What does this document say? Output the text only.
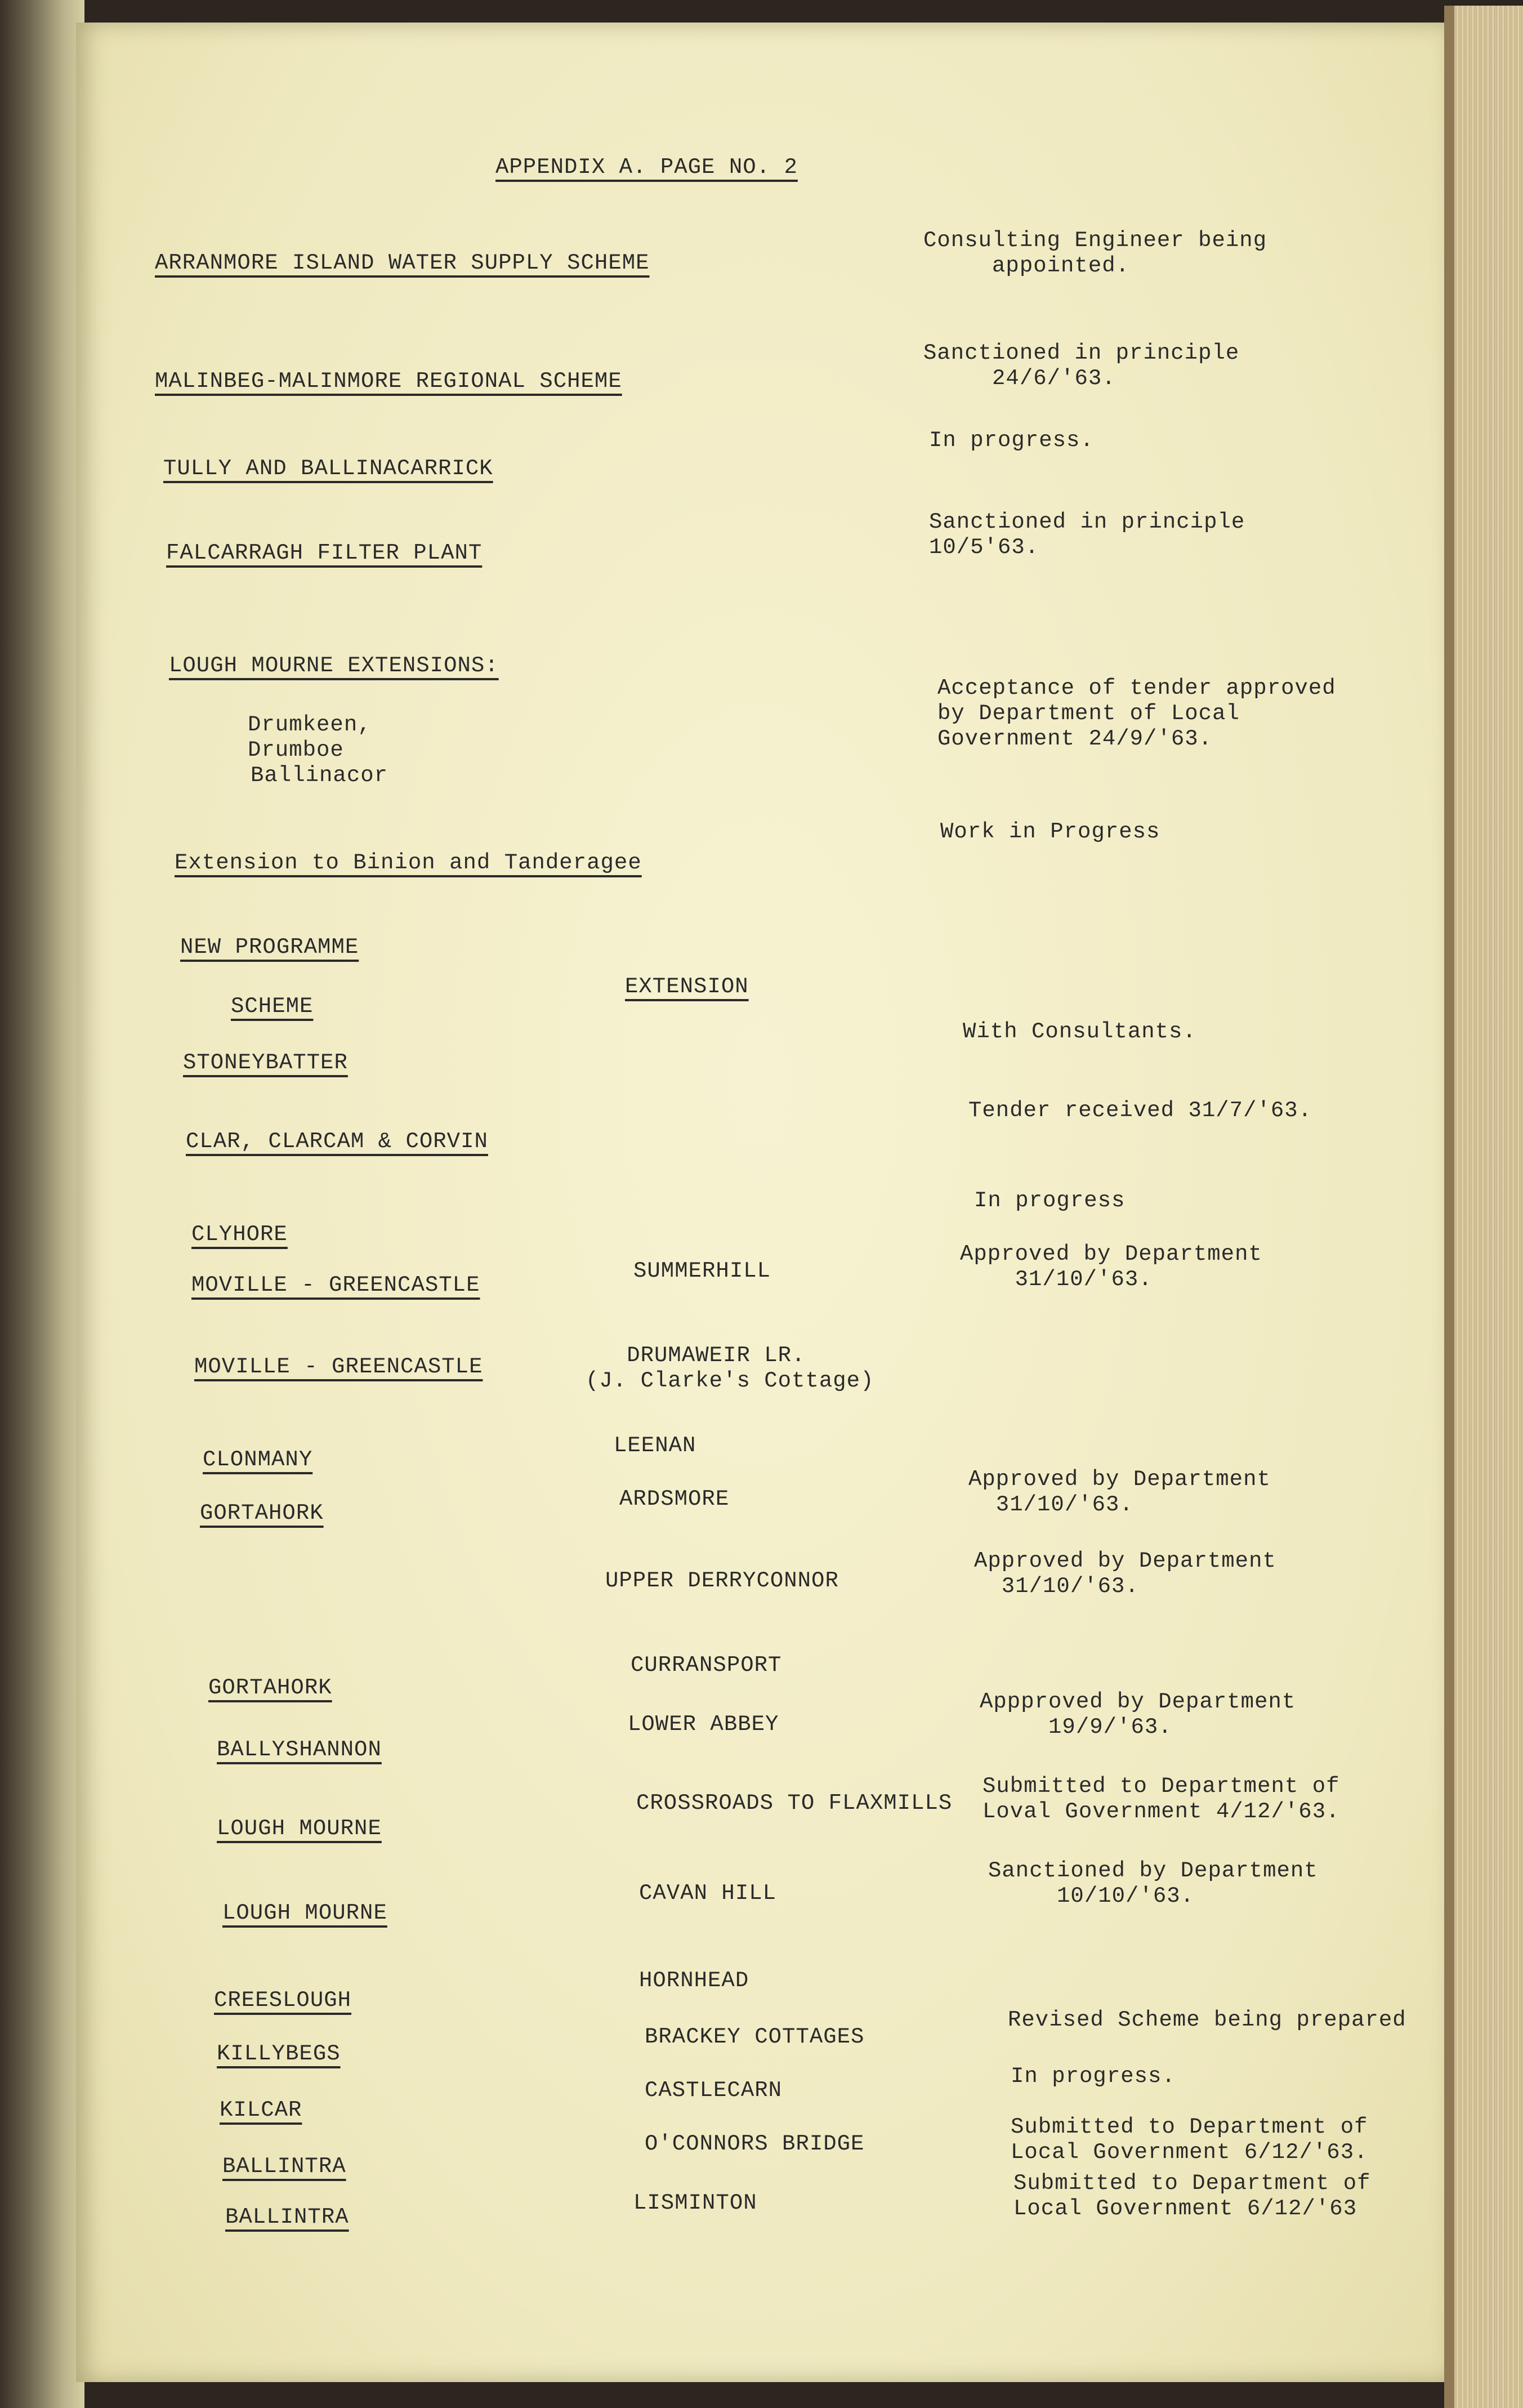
APPENDIX A. PAGE NO. 2

ARRANMORE ISLAND WATER SUPPLY SCHEME

MALINBEG-MALINMORE REGIONAL SCHEME

TULLY AND BALLINACARRICK

FALCARRAGH FILTER PLANT

LOUGH MOURNE EXTENSIONS:

Drumkeen,

Drumboe

Ballinacor

Extension to Binion and Tanderagee

Consulting Engineer being
appointed.

Sanctioned in principle
24/6/'63.

In progress.

Sanctioned in principle
10/5'63.

Acceptance of tender approved
by Department of Local
Government 24/9/'63.

Work in Progress

NEW PROGRAMME

SCHEME

EXTENSION

STONEYBATTER

CLAR, CLARCAM & CORVIN

CLYHORE

MOVILLE - GREENCASTLE

MOVILLE - GREENCASTLE

CLONMANY

GORTAHORK

GORTAHORK

BALLYSHANNON

LOUGH MOURNE

LOUGH MOURNE

CREESLOUGH

KILLYBEGS

KILCAR

BALLINTRA

BALLINTRA

SUMMERHILL

DRUMAWEIR LR.
(J. Clarke's Cottage)

LEENAN

ARDSMORE

UPPER DERRYCONNOR

CURRANSPORT

LOWER ABBEY

CROSSROADS TO FLAXMILLS

CAVAN HILL

HORNHEAD

BRACKEY COTTAGES

CASTLECARN

O'CONNORS BRIDGE

LISMINTON

With Consultants.

Tender received 31/7/'63.

In progress

Approved by Department
31/10/'63.

Approved by Department
31/10/'63.

Approved by Department
31/10/'63.

Appproved by Department
19/9/'63.

Submitted to Department of
Loval Government 4/12/'63.

Sanctioned by Department
10/10/'63.

Revised Scheme being prepared

In progress.

Submitted to Department of
Local Government 6/12/'63.

Submitted to Department of
Local Government 6/12/'63
